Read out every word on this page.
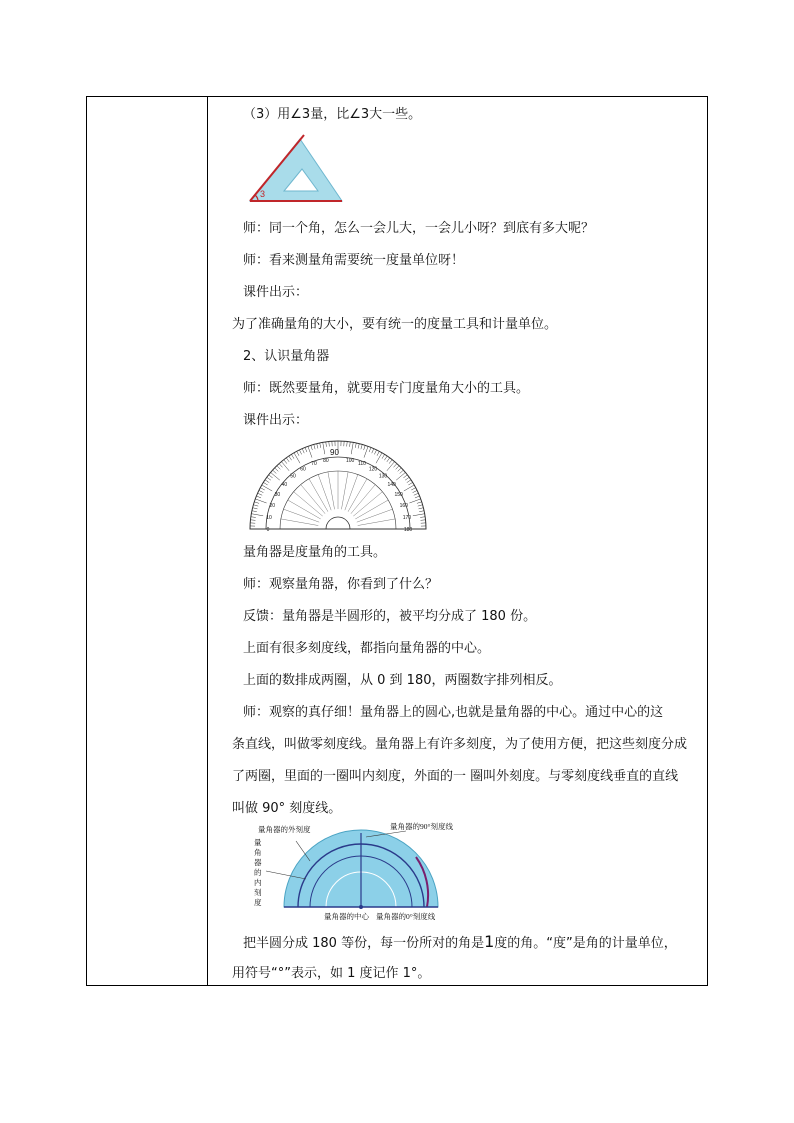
（3）用∠3量，比∠3大一些。
3
师：同一个角，怎么一会儿大，一会儿小呀？到底有多大呢？
师：看来测量角需要统一度量单位呀！
课件出示：
为了准确量角的大小，要有统一的度量工具和计量单位。
2、认识量角器
师：既然要量角，就要用专门度量角大小的工具。
课件出示：
0
10
20
30
40
50
60
70
80	100
110
120
130
140
150
160
170
180
90
量角器是度量角的工具。
师：观察量角器，你看到了什么？
反馈：量角器是半圆形的，被平均分成了 180 份。
上面有很多刻度线，都指向量角器的中心。
上面的数排成两圈，从 0 到 180，两圈数字排列相反。
师：观察的真仔细！量角器上的圆心,也就是量角器的中心。通过中心的这
条直线，叫做零刻度线。量角器上有许多刻度，为了使用方便，把这些刻度分成
了两圈，里面的一圈叫内刻度，外面的一 圈叫外刻度。与零刻度线垂直的直线
叫做 90° 刻度线。
量角器的外刻度
量
角
器
的
内
刻
度
量角器的90°刻度线
量角器的中心 量角器的0°刻度线
把半圆分成 180 等份，每一份所对的角是1度的角。“度”是角的计量单位，
用符号“°”表示，如 1 度记作 1°。
